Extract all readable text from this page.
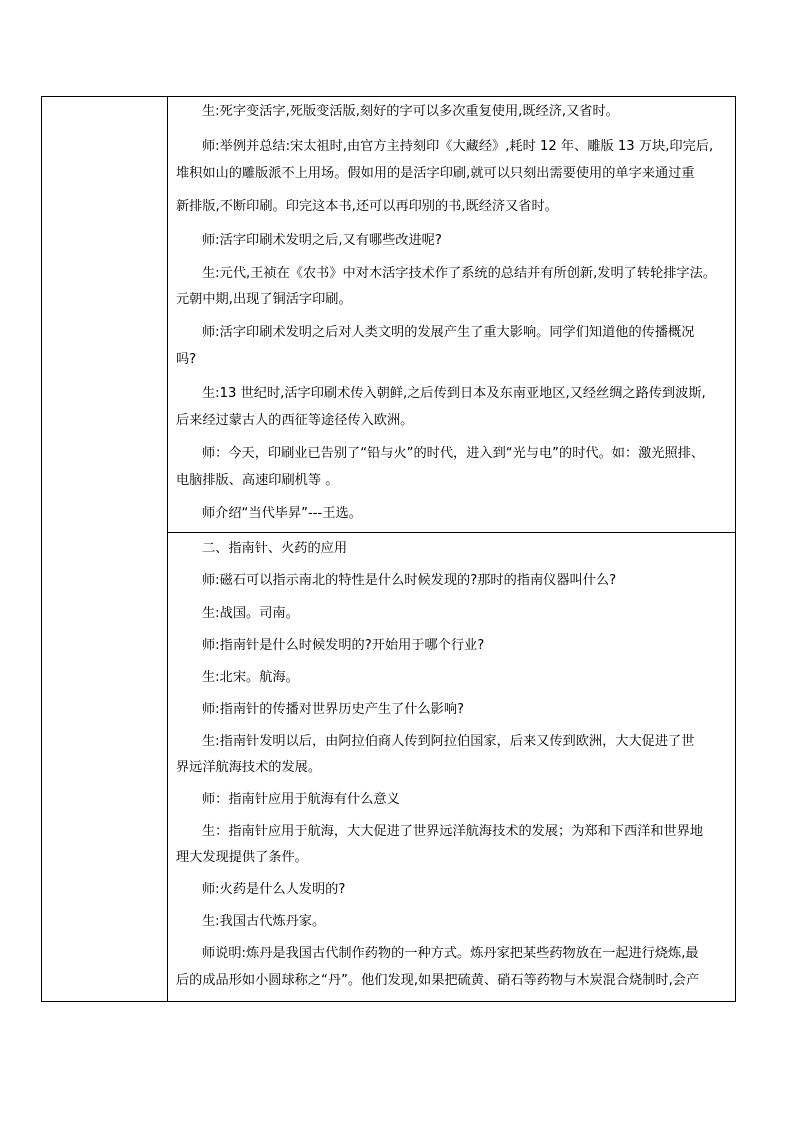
生:死字变活字,死版变活版,刻好的字可以多次重复使用,既经济,又省时。
师:举例并总结:宋太祖时,由官方主持刻印《大藏经》,耗时 12 年、雕版 13 万块,印完后,
堆积如山的雕版派不上用场。假如用的是活字印刷,就可以只刻出需要使用的单字来通过重
新排版,不断印刷。印完这本书,还可以再印别的书,既经济又省时。
师:活字印刷术发明之后,又有哪些改进呢?
生:元代,王祯在《农书》中对木活字技术作了系统的总结并有所创新,发明了转轮排字法。
元朝中期,出现了铜活字印刷。
师:活字印刷术发明之后对人类文明的发展产生了重大影响。同学们知道他的传播概况
吗?
生:13 世纪时,活字印刷术传入朝鲜,之后传到日本及东南亚地区,又经丝绸之路传到波斯,
后来经过蒙古人的西征等途径传入欧洲。
师：今天，印刷业已告别了“铅与火”的时代，进入到“光与电”的时代。如：激光照排、
电脑排版、高速印刷机等 。
师介绍“当代毕昇”---王选。
二、指南针、火药的应用
师:磁石可以指示南北的特性是什么时候发现的?那时的指南仪器叫什么?
生:战国。司南。
师:指南针是什么时候发明的?开始用于哪个行业?
生:北宋。航海。
师:指南针的传播对世界历史产生了什么影响?
生:指南针发明以后，由阿拉伯商人传到阿拉伯国家，后来又传到欧洲，大大促进了世
界远洋航海技术的发展。
师：指南针应用于航海有什么意义
生：指南针应用于航海，大大促进了世界远洋航海技术的发展；为郑和下西洋和世界地
理大发现提供了条件。
师:火药是什么人发明的?
生:我国古代炼丹家。
师说明:炼丹是我国古代制作药物的一种方式。炼丹家把某些药物放在一起进行烧炼,最
后的成品形如小圆球称之“丹”。他们发现,如果把硫黄、硝石等药物与木炭混合烧制时,会产
